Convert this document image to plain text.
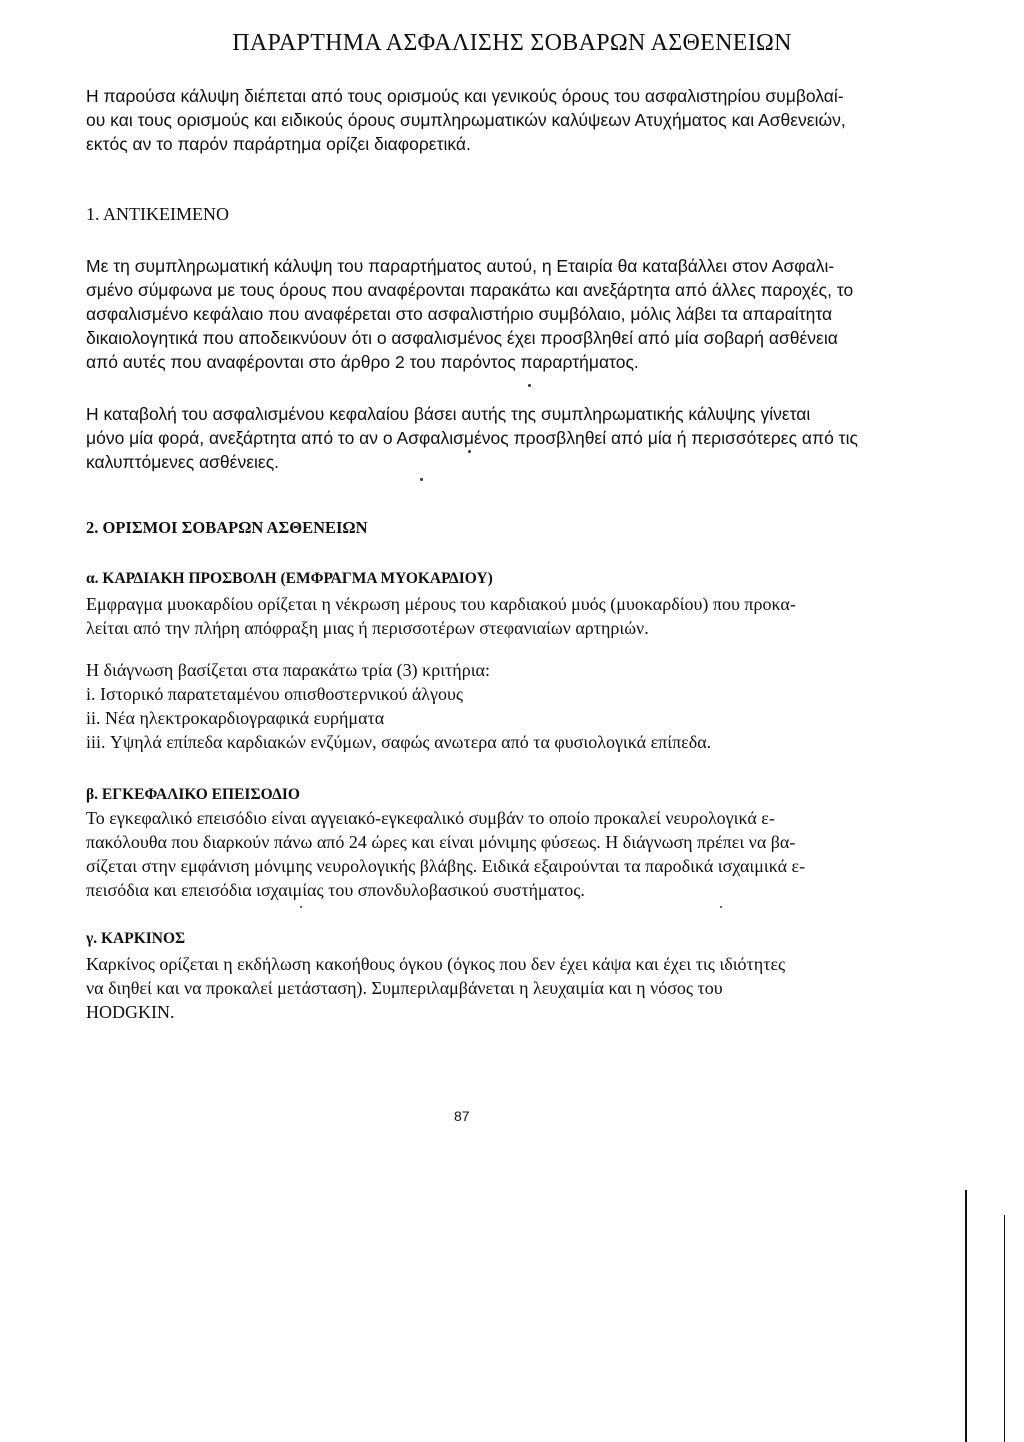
ΠΑΡΑΡΤΗΜΑ ΑΣΦΑΛΙΣΗΣ ΣΟΒΑΡΩΝ ΑΣΘΕΝΕΙΩΝ
Η παρούσα κάλυψη διέπεται από τους ορισμούς και γενικούς όρους του ασφαλιστηρίου συμβολαί-
ου και τους ορισμούς και ειδικούς όρους συμπληρωματικών καλύψεων Ατυχήματος και Ασθενειών,
εκτός αν το παρόν παράρτημα ορίζει διαφορετικά.
1. ΑΝΤΙΚΕΙΜΕΝΟ
Με τη συμπληρωματική κάλυψη του παραρτήματος αυτού, η Εταιρία θα καταβάλλει στον Ασφαλι-
σμένο σύμφωνα με τους όρους που αναφέρονται παρακάτω και ανεξάρτητα από άλλες παροχές, το
ασφαλισμένο κεφάλαιο που αναφέρεται στο ασφαλιστήριο συμβόλαιο, μόλις λάβει τα απαραίτητα
δικαιολογητικά που αποδεικνύουν ότι ο ασφαλισμένος έχει προσβληθεί από μία σοβαρή ασθένεια
από αυτές που αναφέρονται στο άρθρο 2 του παρόντος παραρτήματος.
Η καταβολή του ασφαλισμένου κεφαλαίου βάσει αυτής της συμπληρωματικής κάλυψης γίνεται
μόνο μία φορά, ανεξάρτητα από το αν ο Ασφαλισμένος προσβληθεί από μία ή περισσότερες από τις
καλυπτόμενες ασθένειες.
2. ΟΡΙΣΜΟΙ ΣΟΒΑΡΩΝ ΑΣΘΕΝΕΙΩΝ
α. ΚΑΡΔΙΑΚΗ ΠΡΟΣΒΟΛΗ (ΕΜΦΡΑΓΜΑ ΜΥΟΚΑΡΔΙΟΥ)
Εμφραγμα μυοκαρδίου ορίζεται η νέκρωση μέρους του καρδιακού μυός (μυοκαρδίου) που προκα-
λείται από την πλήρη απόφραξη μιας ή περισσοτέρων στεφανιαίων αρτηριών.
Η διάγνωση βασίζεται στα παρακάτω τρία (3) κριτήρια:
i. Ιστορικό παρατεταμένου οπισθοστερνικού άλγους
ii. Νέα ηλεκτροκαρδιογραφικά ευρήματα
iii. Υψηλά επίπεδα καρδιακών ενζύμων, σαφώς ανωτερα από τα φυσιολογικά επίπεδα.
β. ΕΓΚΕΦΑΛΙΚΟ ΕΠΕΙΣΟΔΙΟ
Το εγκεφαλικό επεισόδιο είναι αγγειακό-εγκεφαλικό συμβάν το οποίο προκαλεί νευρολογικά ε-
πακόλουθα που διαρκούν πάνω από 24 ώρες και είναι μόνιμης φύσεως. Η διάγνωση πρέπει να βα-
σίζεται στην εμφάνιση μόνιμης νευρολογικής βλάβης. Ειδικά εξαιρούνται τα παροδικά ισχαιμικά ε-
πεισόδια και επεισόδια ισχαιμίας του σπονδυλοβασικού συστήματος.
γ. ΚΑΡΚΙΝΟΣ
Καρκίνος ορίζεται η εκδήλωση κακοήθους όγκου (όγκος που δεν έχει κάψα και έχει τις ιδιότητες
να διηθεί και να προκαλεί μετάσταση). Συμπεριλαμβάνεται η λευχαιμία και η νόσος του
HODGKIN.
87
